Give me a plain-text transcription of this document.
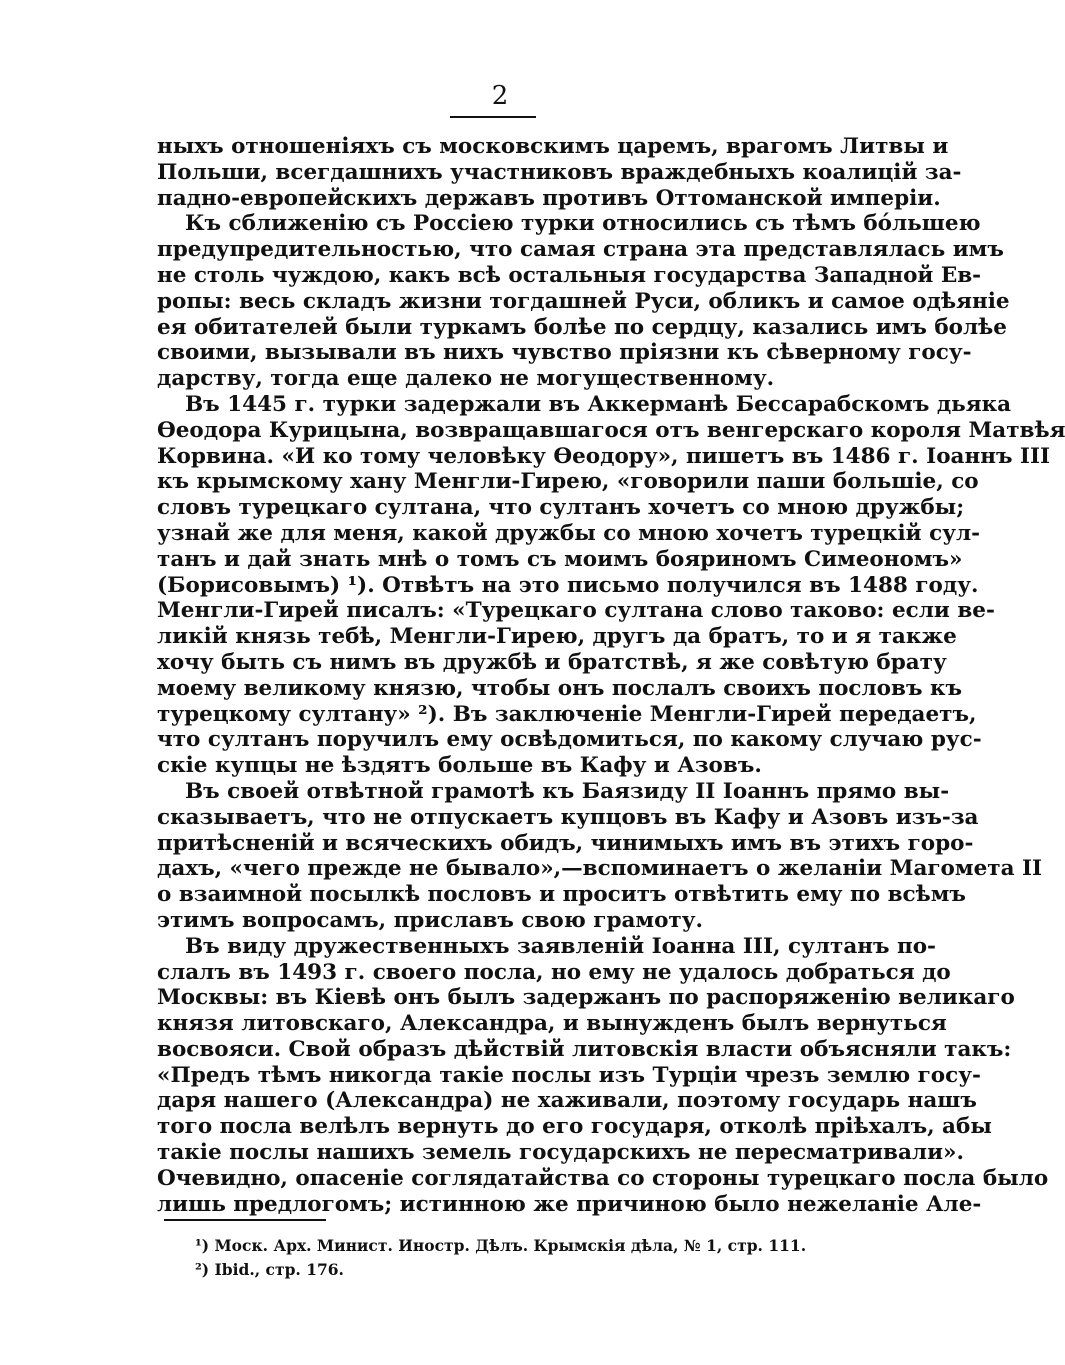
2
ныхъ отношеніяхъ съ московскимъ царемъ, врагомъ Литвы и
Польши, всегдашнихъ участниковъ враждебныхъ коалицій за-
падно-европейскихъ державъ противъ Оттоманской имперіи.
Къ сближенію съ Россіею турки относились съ тѣмъ бо́льшею
предупредительностью, что самая страна эта представлялась имъ
не столь чуждою, какъ всѣ остальныя государства Западной Ев-
ропы: весь складъ жизни тогдашней Руси, обликъ и самое одѣяніе
ея обитателей были туркамъ болѣе по сердцу, казались имъ болѣе
своими, вызывали въ нихъ чувство пріязни къ сѣверному госу-
дарству, тогда еще далеко не могущественному.
Въ 1445 г. турки задержали въ Аккерманѣ Бессарабскомъ дьяка
Ѳеодора Курицына, возвращавшагося отъ венгерскаго короля Матвѣя
Корвина. «И ко тому человѣку Ѳеодору», пишетъ въ 1486 г. Іоаннъ III
къ крымскому хану Менгли-Гирею, «говорили паши большіе, со
словъ турецкаго султана, что султанъ хочетъ со мною дружбы;
узнай же для меня, какой дружбы со мною хочетъ турецкій сул-
танъ и дай знать мнѣ о томъ съ моимъ бояриномъ Симеономъ»
(Борисовымъ) ¹). Отвѣтъ на это письмо получился въ 1488 году.
Менгли-Гирей писалъ: «Турецкаго султана слово таково: если ве-
ликій князь тебѣ, Менгли-Гирею, другъ да братъ, то и я также
хочу быть съ нимъ въ дружбѣ и братствѣ, я же совѣтую брату
моему великому князю, чтобы онъ послалъ своихъ пословъ къ
турецкому султану» ²). Въ заключеніе Менгли-Гирей передаетъ,
что султанъ поручилъ ему освѣдомиться, по какому случаю рус-
скіе купцы не ѣздятъ больше въ Кафу и Азовъ.
Въ своей отвѣтной грамотѣ къ Баязиду II Іоаннъ прямо вы-
сказываетъ, что не отпускаетъ купцовъ въ Кафу и Азовъ изъ-за
притѣсненій и всяческихъ обидъ, чинимыхъ имъ въ этихъ горо-
дахъ, «чего прежде не бывало»,—вспоминаетъ о желаніи Магомета II
о взаимной посылкѣ пословъ и проситъ отвѣтить ему по всѣмъ
этимъ вопросамъ, приславъ свою грамоту.
Въ виду дружественныхъ заявленій Іоанна III, султанъ по-
слалъ въ 1493 г. своего посла, но ему не удалось добраться до
Москвы: въ Кіевѣ онъ былъ задержанъ по распоряженію великаго
князя литовскаго, Александра, и вынужденъ былъ вернуться
восвояси. Свой образъ дѣйствій литовскія власти объясняли такъ:
«Предъ тѣмъ никогда такіе послы изъ Турціи чрезъ землю госу-
даря нашего (Александра) не хаживали, поэтому государь нашъ
того посла велѣлъ вернуть до его государя, отколѣ пріѣхалъ, абы
такіе послы нашихъ земель государскихъ не пересматривали».
Очевидно, опасеніе соглядатайства со стороны турецкаго посла было
лишь предлогомъ; истинною же причиною было нежеланіе Але-
¹) Моск. Арх. Минист. Иностр. Дѣлъ. Крымскія дѣла, № 1, стр. 111.
²) Ibid., стр. 176.
